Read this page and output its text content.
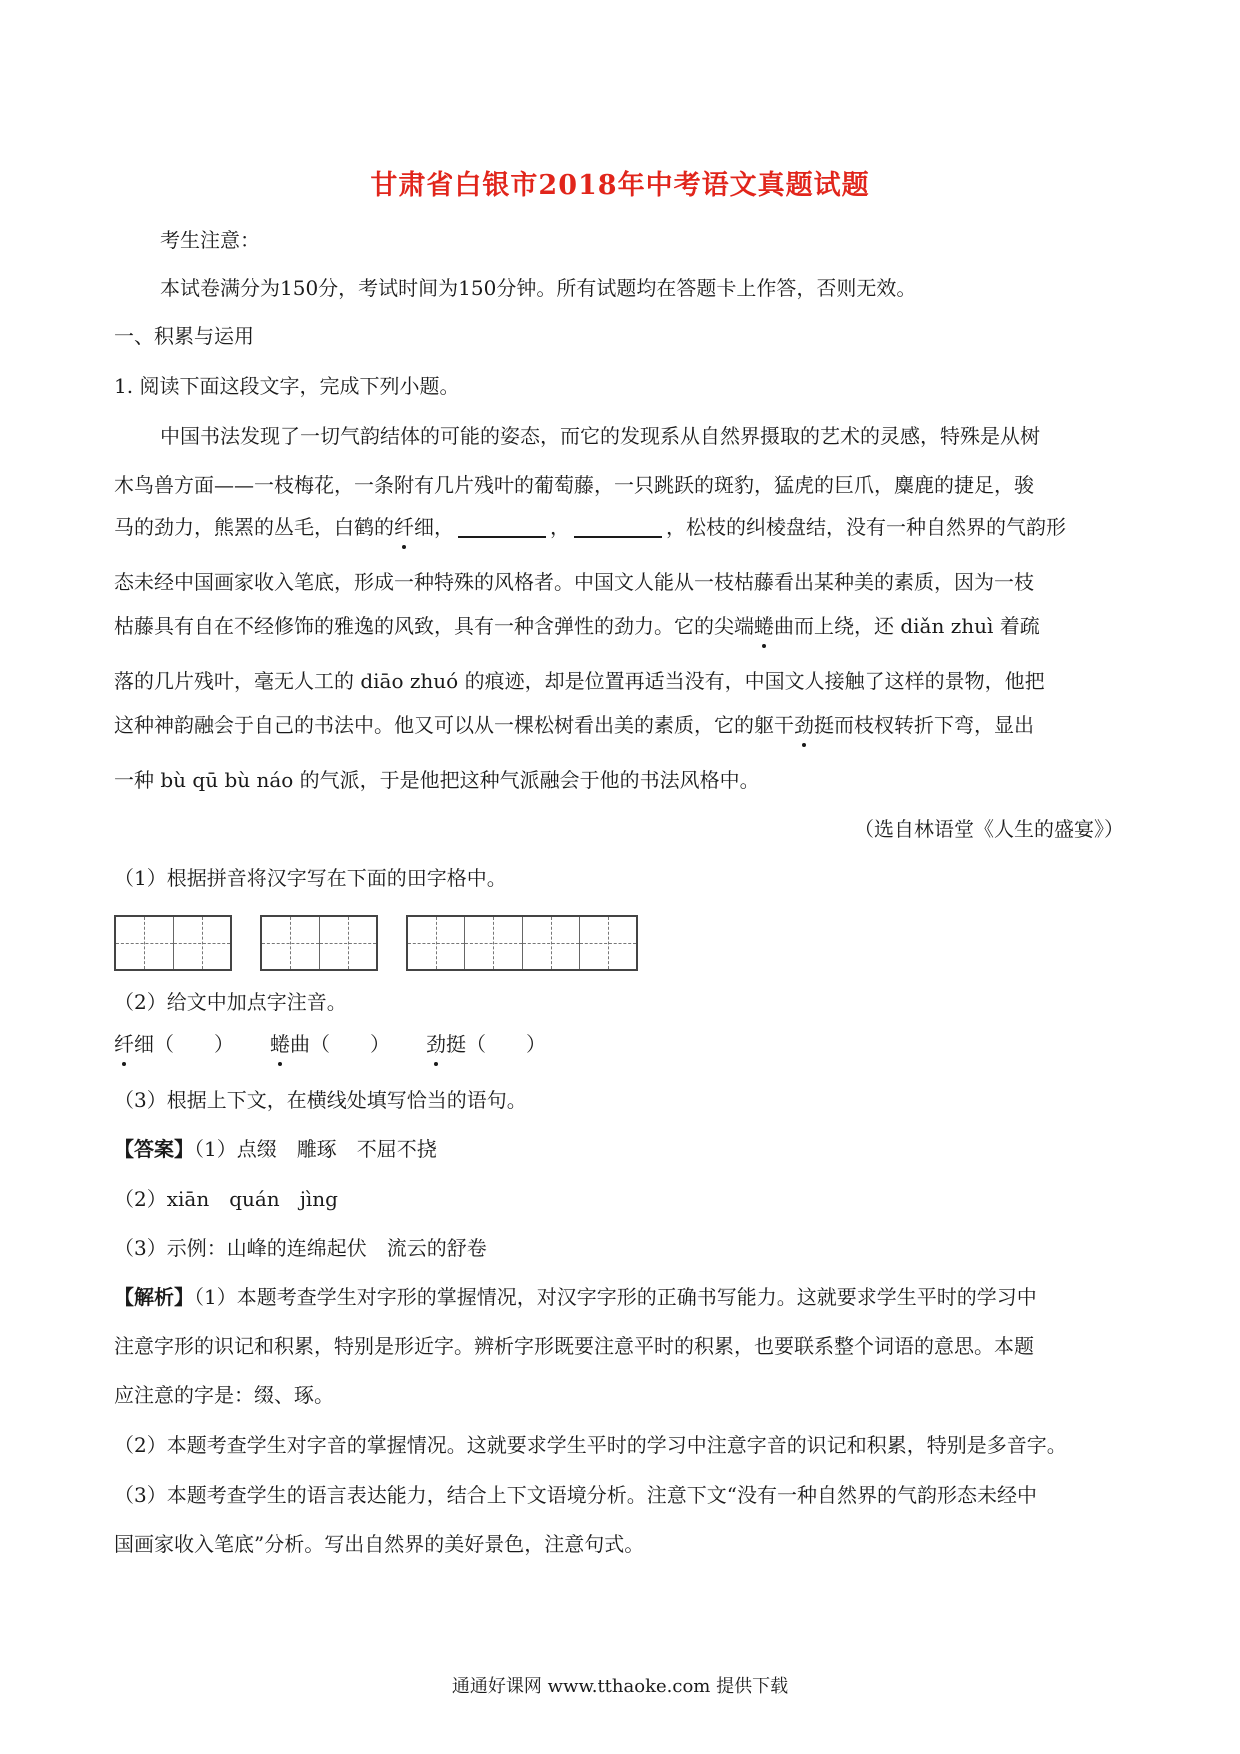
甘肃省白银市2018年中考语文真题试题
考生注意：
本试卷满分为150分，考试时间为150分钟。所有试题均在答题卡上作答，否则无效。
一、积累与运用
1. 阅读下面这段文字，完成下列小题。
中国书法发现了一切气韵结体的可能的姿态，而它的发现系从自然界摄取的艺术的灵感，特殊是从树
木鸟兽方面——一枝梅花，一条附有几片残叶的葡萄藤，一只跳跃的斑豹，猛虎的巨爪，麋鹿的捷足，骏
马的劲力，熊罴的丛毛，白鹤的纤细，	，	，松枝的纠棱盘结，没有一种自然界的气韵形
态未经中国画家收入笔底，形成一种特殊的风格者。中国文人能从一枝枯藤看出某种美的素质，因为一枝
枯藤具有自在不经修饰的雅逸的风致，具有一种含弹性的劲力。它的尖端蜷曲而上绕，还 diǎn zhuì 着疏
落的几片残叶，毫无人工的 diāo zhuó 的痕迹，却是位置再适当没有，中国文人接触了这样的景物，他把
这种神韵融会于自己的书法中。他又可以从一棵松树看出美的素质，它的躯干劲挺而枝杈转折下弯，显出
一种 bù qū bù náo 的气派，于是他把这种气派融会于他的书法风格中。
（选自林语堂《人生的盛宴》）
（1）根据拼音将汉字写在下面的田字格中。
（2）给文中加点字注音。
纤细（　　） 蜷曲（　　） 劲挺（　　）
（3）根据上下文，在横线处填写恰当的语句。
【答案】（1）点缀　雕琢　不屈不挠
（2）xiān　quán　jìng
（3）示例：山峰的连绵起伏　流云的舒卷
【解析】（1）本题考查学生对字形的掌握情况，对汉字字形的正确书写能力。这就要求学生平时的学习中
注意字形的识记和积累，特别是形近字。辨析字形既要注意平时的积累，也要联系整个词语的意思。本题
应注意的字是：缀、琢。
（2）本题考查学生对字音的掌握情况。这就要求学生平时的学习中注意字音的识记和积累，特别是多音字。
（3）本题考查学生的语言表达能力，结合上下文语境分析。注意下文“没有一种自然界的气韵形态未经中
国画家收入笔底”分析。写出自然界的美好景色，注意句式。
通通好课网 www.tthaoke.com 提供下载
